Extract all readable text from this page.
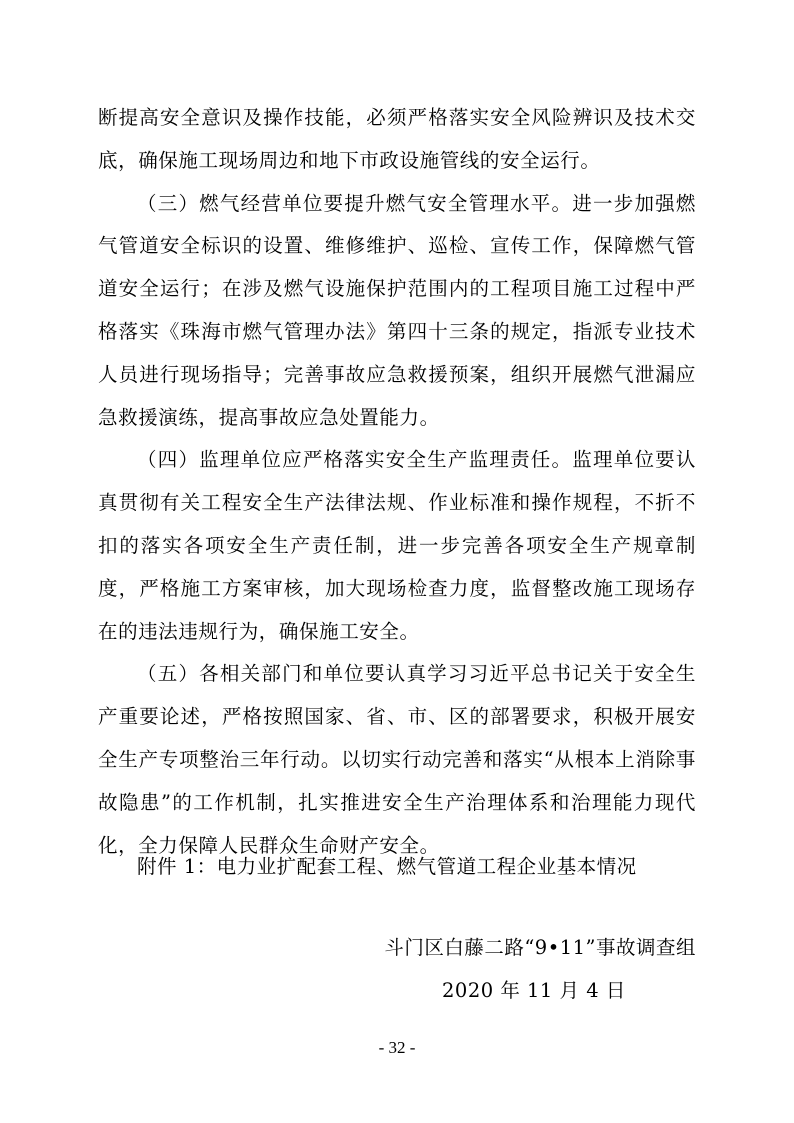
断提高安全意识及操作技能，必须严格落实安全风险辨识及技术交底，确保施工现场周边和地下市政设施管线的安全运行。

（三）燃气经营单位要提升燃气安全管理水平。进一步加强燃气管道安全标识的设置、维修维护、巡检、宣传工作，保障燃气管道安全运行；在涉及燃气设施保护范围内的工程项目施工过程中严格落实《珠海市燃气管理办法》第四十三条的规定，指派专业技术人员进行现场指导；完善事故应急救援预案，组织开展燃气泄漏应急救援演练，提高事故应急处置能力。

（四）监理单位应严格落实安全生产监理责任。监理单位要认真贯彻有关工程安全生产法律法规、作业标准和操作规程，不折不扣的落实各项安全生产责任制，进一步完善各项安全生产规章制度，严格施工方案审核，加大现场检查力度，监督整改施工现场存在的违法违规行为，确保施工安全。

（五）各相关部门和单位要认真学习习近平总书记关于安全生产重要论述，严格按照国家、省、市、区的部署要求，积极开展安全生产专项整治三年行动。以切实行动完善和落实“从根本上消除事故隐患”的工作机制，扎实推进安全生产治理体系和治理能力现代化，全力保障人民群众生命财产安全。

附件 1：电力业扩配套工程、燃气管道工程企业基本情况
斗门区白藤二路“9•11”事故调查组
2020 年 11 月 4 日
- 32 -
